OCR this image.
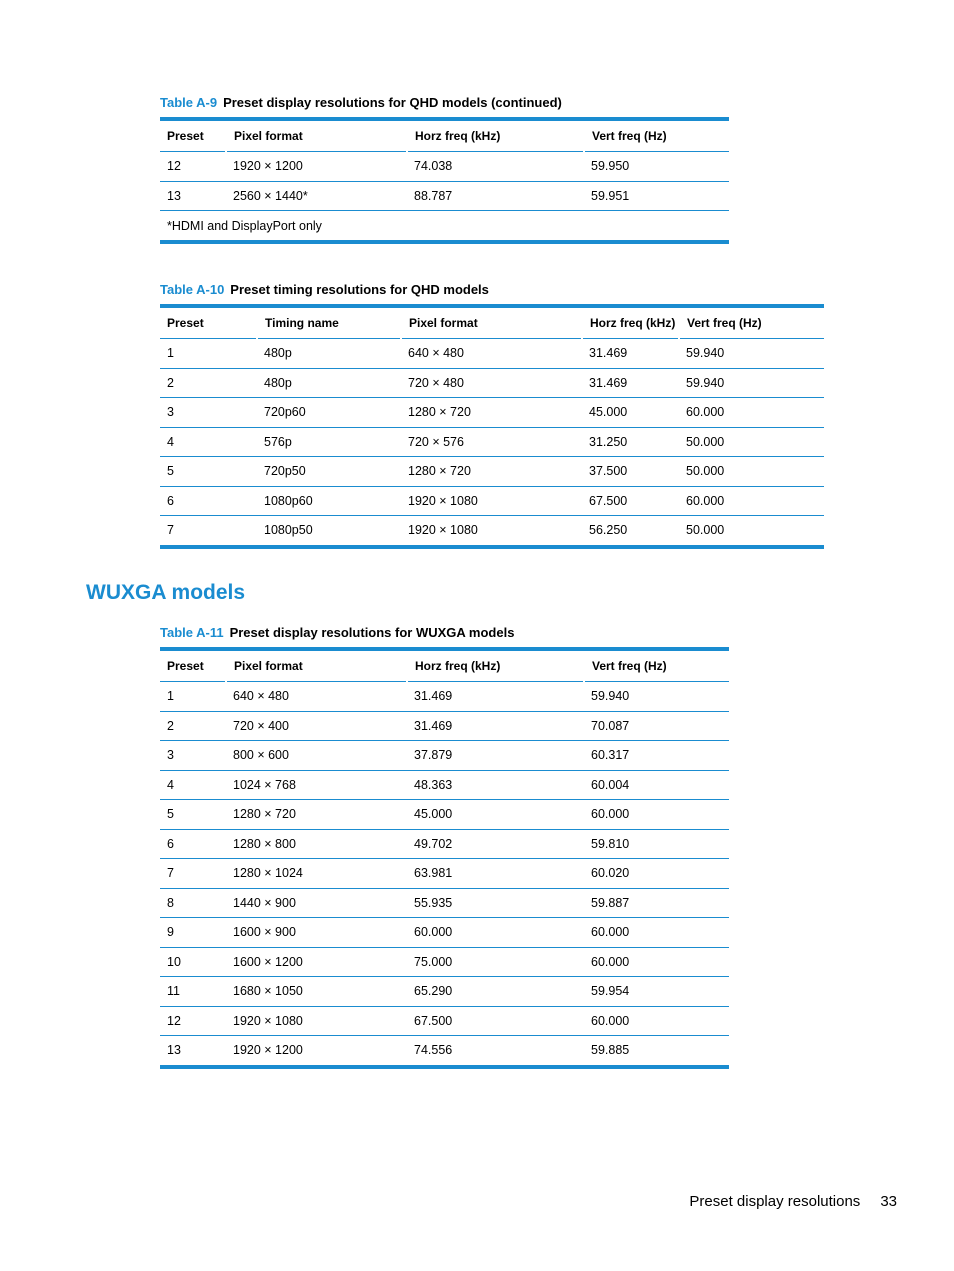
Table A-9 Preset display resolutions for QHD models (continued)
Preset	Pixel format	Horz freq (kHz)	Vert freq (Hz)
12	1920 × 1200	74.038	59.950
13	2560 × 1440*	88.787	59.951
*HDMI and DisplayPort only			
Table A-10 Preset timing resolutions for QHD models
Preset	Timing name	Pixel format	Horz freq (kHz)	Vert freq (Hz)
1	480p	640 × 480	31.469	59.940
2	480p	720 × 480	31.469	59.940
3	720p60	1280 × 720	45.000	60.000
4	576p	720 × 576	31.250	50.000
5	720p50	1280 × 720	37.500	50.000
6	1080p60	1920 × 1080	67.500	60.000
7	1080p50	1920 × 1080	56.250	50.000
WUXGA models
Table A-11 Preset display resolutions for WUXGA models
Preset	Pixel format	Horz freq (kHz)	Vert freq (Hz)
1	640 × 480	31.469	59.940
2	720 × 400	31.469	70.087
3	800 × 600	37.879	60.317
4	1024 × 768	48.363	60.004
5	1280 × 720	45.000	60.000
6	1280 × 800	49.702	59.810
7	1280 × 1024	63.981	60.020
8	1440 × 900	55.935	59.887
9	1600 × 900	60.000	60.000
10	1600 × 1200	75.000	60.000
11	1680 × 1050	65.290	59.954
12	1920 × 1080	67.500	60.000
13	1920 × 1200	74.556	59.885
Preset display resolutions 33
